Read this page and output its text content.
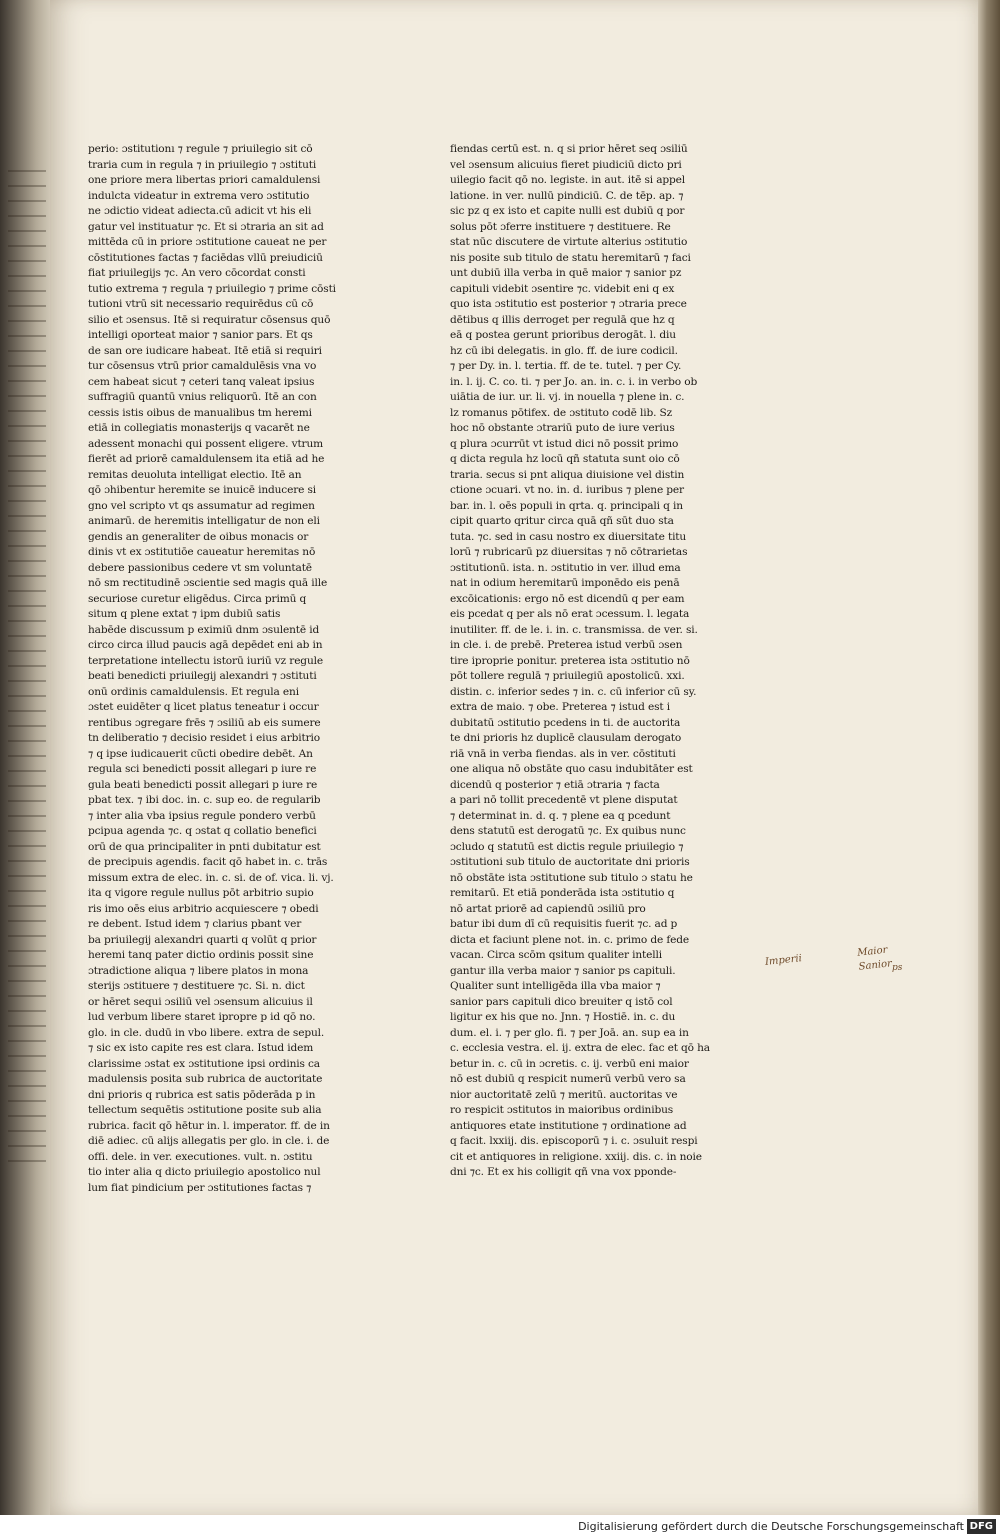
perio: ɔstitutionı ⁊ regule ⁊ priuilegio sit cō
traria cum in regula ⁊ in priuilegio ⁊ ɔstituti
one priore mera libertas priori camaldulensi
indulcta videatur in extrema vero ɔstitutio
ne ɔdictio videat adiecta.cū adicit vt his eli
gatur vel instituatur ⁊c. Et si ɔtraria an sit ad
mittēda cū in priore ɔstitutione caueat ne per
cōstitutiones factas ⁊ faciēdas vllū preiudiciū
fiat priuilegijs ⁊c. An vero cōcordat consti
tutio extrema ⁊ regula ⁊ priuilegio ⁊ prime cōsti
tutioni vtrū sit necessario requirēdus cū cō
silio et ɔsensus. Itē si requiratur cōsensus quō
intelligi oporteat maior ⁊ sanior pars. Et qs
de san ore iudicare habeat. Itē etiā si requiri
tur cōsensus vtrū prior camaldulēsis vna vo
cem habeat sicut ⁊ ceteri tanq valeat ipsius
suffragiū quantū vnius reliquorū. Itē an con
cessis istis oibus de manualibus tm heremi
etiā in collegiatis monasterijs q vacarēt ne
adessent monachi qui possent eligere. vtrum
fierēt ad priorē camaldulensem ita etiā ad he
remitas deuoluta intelligat electio. Itē an
qō ɔhibentur heremite se inuicē inducere si
gno vel scripto vt qs assumatur ad regimen
animarū. de heremitis intelligatur de non eli
gendis an generaliter de oibus monacis or
dinis vt ex ɔstitutiōe caueatur heremitas nō
debere passionibus cedere vt sm voluntatē
nō sm rectitudinē ɔscientie sed magis quā ille
securiose curetur eligēdus. Circa primū q
situm q plene extat ⁊ ipm dubiū satis
habēde discussum p eximiū dnm ɔsulentē id
circo circa illud paucis agā depēdet eni ab in
terpretatione intellectu istorū iuriū vz regule
beati benedicti priuilegij alexandri ⁊ ɔstituti
onū ordinis camaldulensis. Et regula eni
ɔstet euidēter q licet platus teneatur i occur
rentibus ɔgregare frēs ⁊ ɔsiliū ab eis sumere
tn deliberatio ⁊ decisio residet i eius arbitrio
⁊ q ipse iudicauerit cūcti obedire debēt. An
regula sci benedicti possit allegari p iure re
gula beati benedicti possit allegari p iure re
pbat tex. ⁊ ibi doc. in. c. sup eo. de regularib
⁊ inter alia vba ipsius regule pondero verbū
pcipua agenda ⁊c. q ɔstat q collatio benefici
orū de qua principaliter in pnti dubitatur est
de precipuis agendis. facit qō habet in. c. trās
missum extra de elec. in. c. si. de of. vica. li. vj.
ita q vigore regule nullus pōt arbitrio supio
ris imo oēs eius arbitrio acquiescere ⁊ obedi
re debent. Istud idem ⁊ clarius pbant ver
ba priuilegij alexandri quarti q volūt q prior
heremi tanq pater dictio ordinis possit sine
ɔtradictione aliqua ⁊ libere platos in mona
sterijs ɔstituere ⁊ destituere ⁊c. Si. n. dict
or hēret sequi ɔsiliū vel ɔsensum alicuius il
lud verbum libere staret ipropre p id qō no.
glo. in cle. dudū in vbo libere. extra de sepul.
⁊ sic ex isto capite res est clara. Istud idem
clarissime ɔstat ex ɔstitutione ipsi ordinis ca
madulensis posita sub rubrica de auctoritate
dni prioris q rubrica est satis pōderāda p in
tellectum sequētis ɔstitutione posite sub alia
rubrica. facit qō hētur in. l. imperator. ff. de in
diē adiec. cū alijs allegatis per glo. in cle. i. de
offi. dele. in ver. executiones. vult. n. ɔstitu
tio inter alia q dicto priuilegio apostolico nul
lum fiat pindicium per ɔstitutiones factas ⁊
fiendas certū est. n. q si prior hēret seq ɔsiliū
vel ɔsensum alicuius fieret piudiciū dicto pri
uilegio facit qō no. legiste. in aut. itē si appel
latione. in ver. nullū pindiciū. C. de tēp. ap. ⁊
sic pz q ex isto et capite nulli est dubiū q por
solus pōt ɔferre instituere ⁊ destituere. Re
stat nūc discutere de virtute alterius ɔstitutio
nis posite sub titulo de statu heremitarū ⁊ faci
unt dubiū illa verba in quē maior ⁊ sanior pz
capituli videbit ɔsentire ⁊c. videbit eni q ex
quo ista ɔstitutio est posterior ⁊ ɔtraria prece
dētibus q illis derroget per regulā que hz q
eā q postea gerunt prioribus derogāt. l. diu
hz cū ibi delegatis. in glo. ff. de iure codicil.
⁊ per Dy. in. l. tertia. ff. de te. tutel. ⁊ per Cy.
in. l. ij. C. co. ti. ⁊ per Jo. an. in. c. i. in verbo ob
uiātia de iur. ur. li. vj. in nouella ⁊ plene in. c.
lz romanus pōtifex. de ɔstituto codē lib. Sz
hoc nō obstante ɔtrariū puto de iure verius
q plura ɔcurrūt vt istud dici nō possit primo
q dicta regula hz locū qñ statuta sunt oio cō
traria. secus si pnt aliqua diuisione vel distin
ctione ɔcuari. vt no. in. d. iuribus ⁊ plene per
bar. in. l. oēs populi in qrta. q. principali q in
cipit quarto qritur circa quā qñ sūt duo sta
tuta. ⁊c. sed in casu nostro ex diuersitate titu
lorū ⁊ rubricarū pz diuersitas ⁊ nō cōtrarietas
ɔstitutionū. ista. n. ɔstitutio in ver. illud ema
nat in odium heremitarū imponēdo eis penā
excōicationis: ergo nō est dicendū q per eam
eis pcedat q per als nō erat ɔcessum. l. legata
inutiliter. ff. de le. i. in. c. transmissa. de ver. si.
in cle. i. de prebē. Preterea istud verbū ɔsen
tire iproprie ponitur. preterea ista ɔstitutio nō
pōt tollere regulā ⁊ priuilegiū apostolicū. xxi.
distin. c. inferior sedes ⁊ in. c. cū inferior cū sy.
extra de maio. ⁊ obe. Preterea ⁊ istud est i
dubitatū ɔstitutio pcedens in ti. de auctorita
te dni prioris hz duplicē clausulam derogato
riā vnā in verba fiendas. als in ver. cōstituti
one aliqua nō obstāte quo casu indubitāter est
dicendū q posterior ⁊ etiā ɔtraria ⁊ facta
a pari nō tollit precedentē vt plene disputat
⁊ determinat in. d. q. ⁊ plene ea q pcedunt
dens statutū est derogatū ⁊c. Ex quibus nunc
ɔcludo q statutū est dictis regule priuilegio ⁊
ɔstitutioni sub titulo de auctoritate dni prioris
nō obstāte ista ɔstitutione sub titulo ɔ statu he
remitarū. Et etiā ponderāda ista ɔstitutio q
nō artat priorē ad capiendū ɔsiliū pro
batur ibi dum dī cū requisitis fuerit ⁊c. ad p
dicta et faciunt plene not. in. c. primo de fede
vacan. Circa scōm qsitum qualiter intelli
gantur illa verba maior ⁊ sanior ps capituli.
Qualiter sunt intelligēda illa vba maior ⁊
sanior pars capituli dico breuiter q istō col
ligitur ex his que no. Jnn. ⁊ Hostiē. in. c. du
dum. el. i. ⁊ per glo. fi. ⁊ per Joā. an. sup ea in
c. ecclesia vestra. el. ij. extra de elec. fac et qō ha
betur in. c. cū in ɔcretis. c. ij. verbū eni maior
nō est dubiū q respicit numerū verbū vero sa
nior auctoritatē zelū ⁊ meritū. auctoritas ve
ro respicit ɔstitutos in maioribus ordinibus
antiquores etate institutione ⁊ ordinatione ad
q facit. lxxiij. dis. episcoporū ⁊ i. c. ɔsuluit respi
cit et antiquores in religione. xxiij. dis. c. in noie
dni ⁊c. Et ex his colligit qñ vna vox pponde-
Imperii
Maior
Sanior ps
Digitalisierung gefördert durch die Deutsche Forschungsgemeinschaft DFG
